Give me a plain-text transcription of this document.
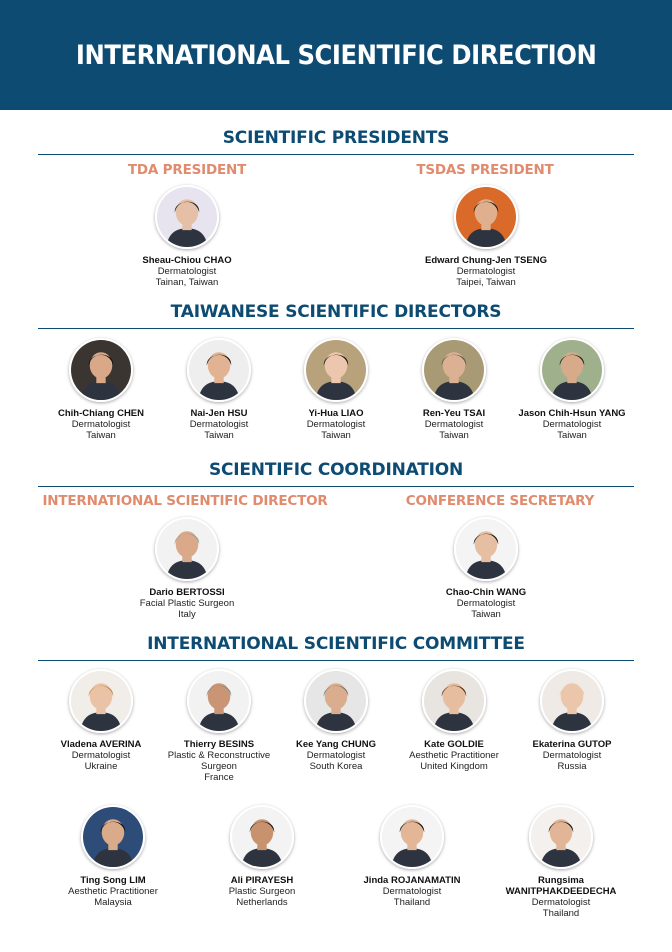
INTERNATIONAL SCIENTIFIC DIRECTION
SCIENTIFIC PRESIDENTS
TDA PRESIDENT	TSDAS PRESIDENT
Sheau-Chiou CHAO
Dermatologist
Tainan, Taiwan
Edward Chung-Jen TSENG
Dermatologist
Taipei, Taiwan
TAIWANESE SCIENTIFIC DIRECTORS
Chih-Chiang CHEN
Dermatologist
Taiwan
Nai-Jen HSU
Dermatologist
Taiwan
Yi-Hua LIAO
Dermatologist
Taiwan
Ren-Yeu TSAI
Dermatologist
Taiwan
Jason Chih-Hsun YANG
Dermatologist
Taiwan
SCIENTIFIC COORDINATION
INTERNATIONAL SCIENTIFIC DIRECTOR	CONFERENCE SECRETARY
Dario BERTOSSI
Facial Plastic Surgeon
Italy
Chao-Chin WANG
Dermatologist
Taiwan
INTERNATIONAL SCIENTIFIC COMMITTEE
Vladena AVERINA
Dermatologist
Ukraine
Thierry BESINS
Plastic & Reconstructive
Surgeon
France
Kee Yang CHUNG
Dermatologist
South Korea
Kate GOLDIE
Aesthetic Practitioner
United Kingdom
Ekaterina GUTOP
Dermatologist
Russia
Ting Song LIM
Aesthetic Practitioner
Malaysia
Ali PIRAYESH
Plastic Surgeon
Netherlands
Jinda ROJANAMATIN
Dermatologist
Thailand
Rungsima
WANITPHAKDEEDECHA
Dermatologist
Thailand
